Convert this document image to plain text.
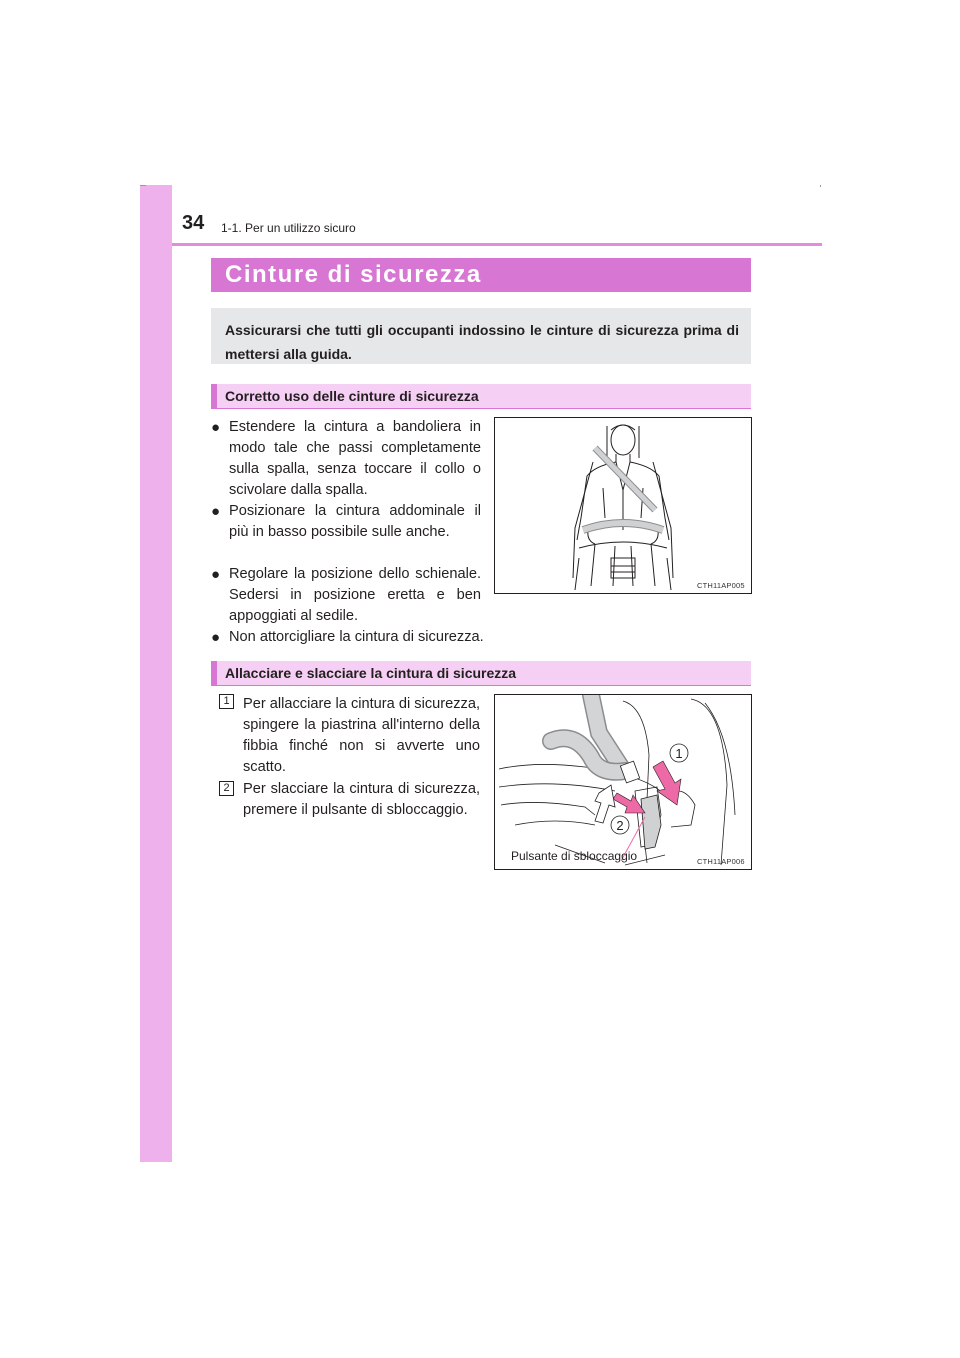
34 1-1. Per un utilizzo sicuro
Cinture di sicurezza
Assicurarsi che tutti gli occupanti indossino le cinture di sicurezza prima di mettersi alla guida.
Corretto uso delle cinture di sicurezza
● Estendere la cintura a bandoliera in modo tale che passi completamente sulla spalla, senza toccare il collo o scivolare dalla spalla.
● Posizionare la cintura addominale il più in basso possibile sulle anche.
● Regolare la posizione dello schienale. Sedersi in posizione eretta e ben appoggiati al sedile.
● Non attorcigliare la cintura di sicurezza.
CTH11AP005
Allacciare e slacciare la cintura di sicurezza
1 Per allacciare la cintura di sicurezza, spingere la piastrina all'interno della fibbia finché non si avverte uno scatto.
2 Per slacciare la cintura di sicurezza, premere il pulsante di sbloccaggio.
1
2
Pulsante di sbloccaggio	CTH11AP006
